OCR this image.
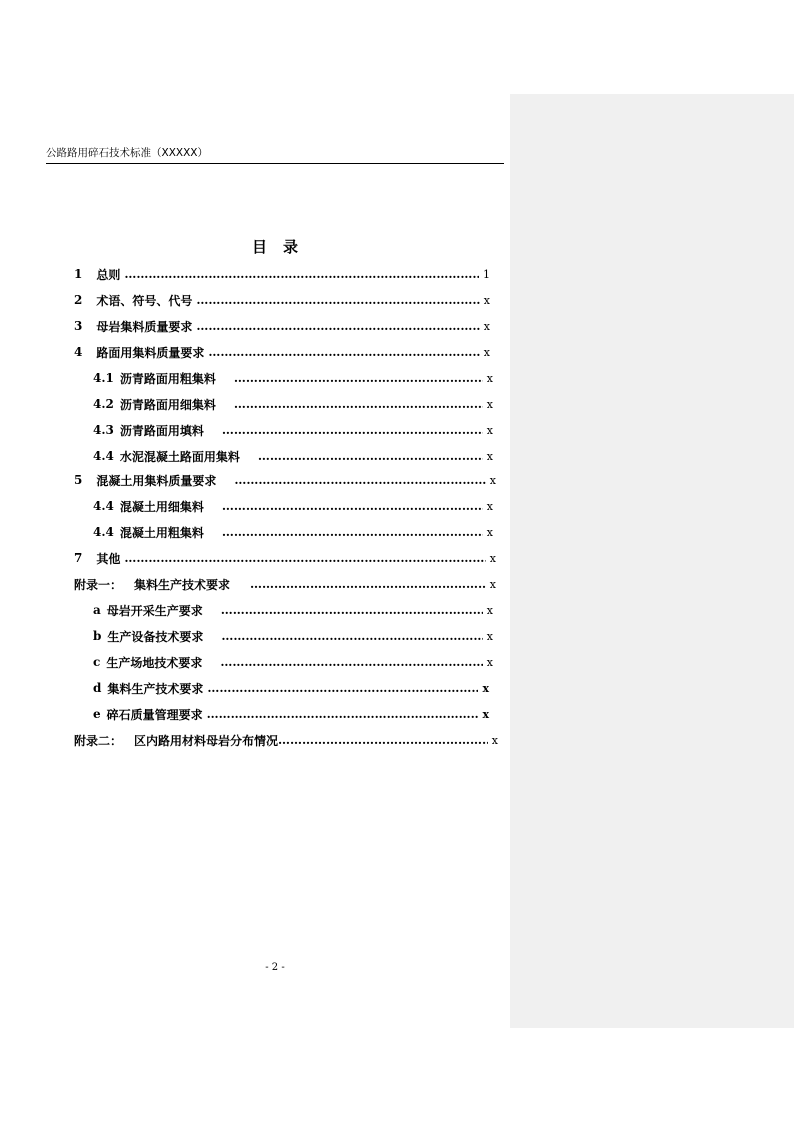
公路路用碎石技术标准（XXXXX）
目 录
1 总则 ………………………………………………………………………………………………………………………………………	1
2 术语、符号、代号 ………………………………………………………………………………………………………………………………………	x
3 母岩集料质量要求 ………………………………………………………………………………………………………………………………………	x
4 路面用集料质量要求 ………………………………………………………………………………………………………………………………………	x
4.1 沥青路面用粗集料 ………………………………………………………………………………………………………………………………………	x
4.2 沥青路面用细集料 ………………………………………………………………………………………………………………………………………	x
4.3 沥青路面用填料 ………………………………………………………………………………………………………………………………………	x
4.4 水泥混凝土路面用集料 ………………………………………………………………………………………………………………………………………	x
5 混凝土用集料质量要求 ………………………………………………………………………………………………………………………………………	x
4.4 混凝土用细集料 ………………………………………………………………………………………………………………………………………	x
4.4 混凝土用粗集料 ………………………………………………………………………………………………………………………………………	x
7 其他 ………………………………………………………………………………………………………………………………………	x
附录一： 集料生产技术要求 ………………………………………………………………………………………………………………………………………	x
a 母岩开采生产要求 ………………………………………………………………………………………………………………………………………	x
b 生产设备技术要求 ………………………………………………………………………………………………………………………………………	x
c 生产场地技术要求 ………………………………………………………………………………………………………………………………………	x
d 集料生产技术要求 ………………………………………………………………………………………………………………………………………	x
e 碎石质量管理要求 ………………………………………………………………………………………………………………………………………	x
附录二： 区内路用材料母岩分布情况 ………………………………………………………………………………………………………………………………………	x
- 2 -
